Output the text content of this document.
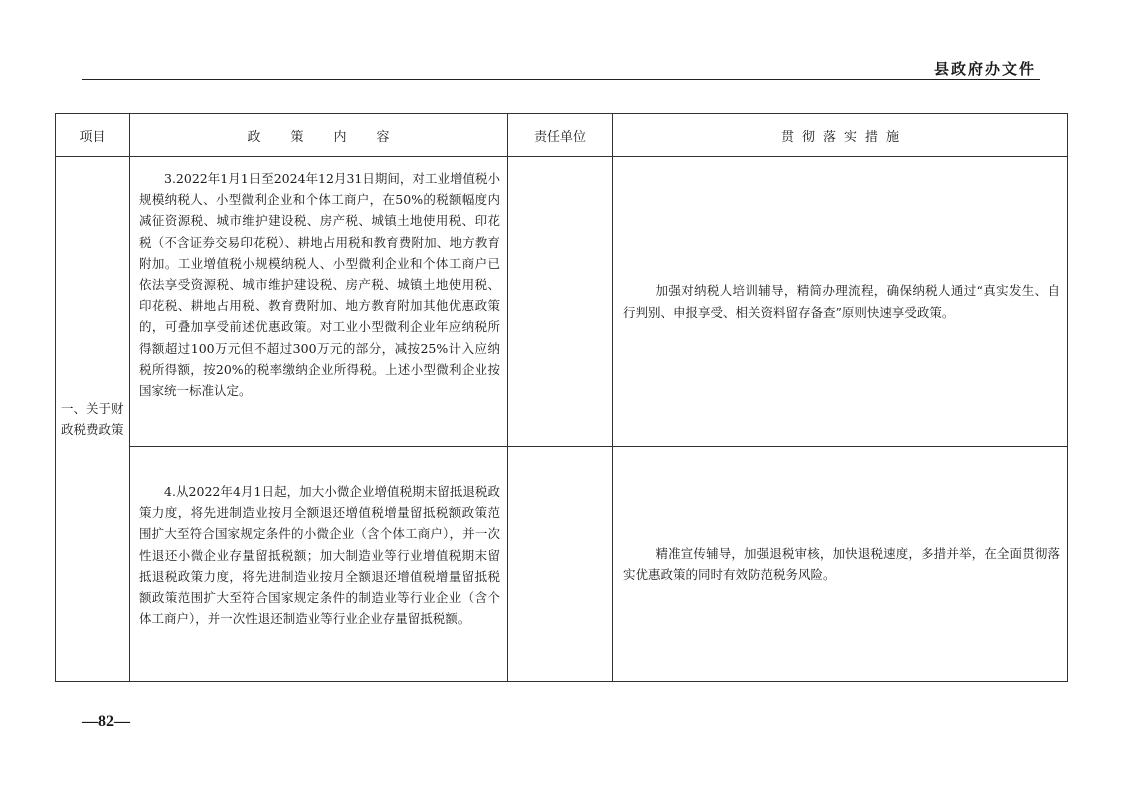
县政府办文件
项目	政策内容	责任单位	贯彻落实措施
一、关于财政税费政策	3.2022年1月1日至2024年12月31日期间，对工业增值税小规模纳税人、小型微利企业和个体工商户，在50%的税额幅度内减征资源税、城市维护建设税、房产税、城镇土地使用税、印花税（不含证券交易印花税）、耕地占用税和教育费附加、地方教育附加。工业增值税小规模纳税人、小型微利企业和个体工商户已依法享受资源税、城市维护建设税、房产税、城镇土地使用税、印花税、耕地占用税、教育费附加、地方教育附加其他优惠政策的，可叠加享受前述优惠政策。对工业小型微利企业年应纳税所得额超过100万元但不超过300万元的部分，减按25%计入应纳税所得额，按20%的税率缴纳企业所得税。上述小型微利企业按国家统一标准认定。		加强对纳税人培训辅导，精简办理流程，确保纳税人通过“真实发生、自行判别、申报享受、相关资料留存备查”原则快速享受政策。

	4.从2022年4月1日起，加大小微企业增值税期末留抵退税政策力度，将先进制造业按月全额退还增值税增量留抵税额政策范围扩大至符合国家规定条件的小微企业（含个体工商户），并一次性退还小微企业存量留抵税额；加大制造业等行业增值税期末留抵退税政策力度，将先进制造业按月全额退还增值税增量留抵税额政策范围扩大至符合国家规定条件的制造业等行业企业（含个体工商户），并一次性退还制造业等行业企业存量留抵税额。		精准宣传辅导，加强退税审核，加快退税速度，多措并举，在全面贯彻落实优惠政策的同时有效防范税务风险。

—82—
